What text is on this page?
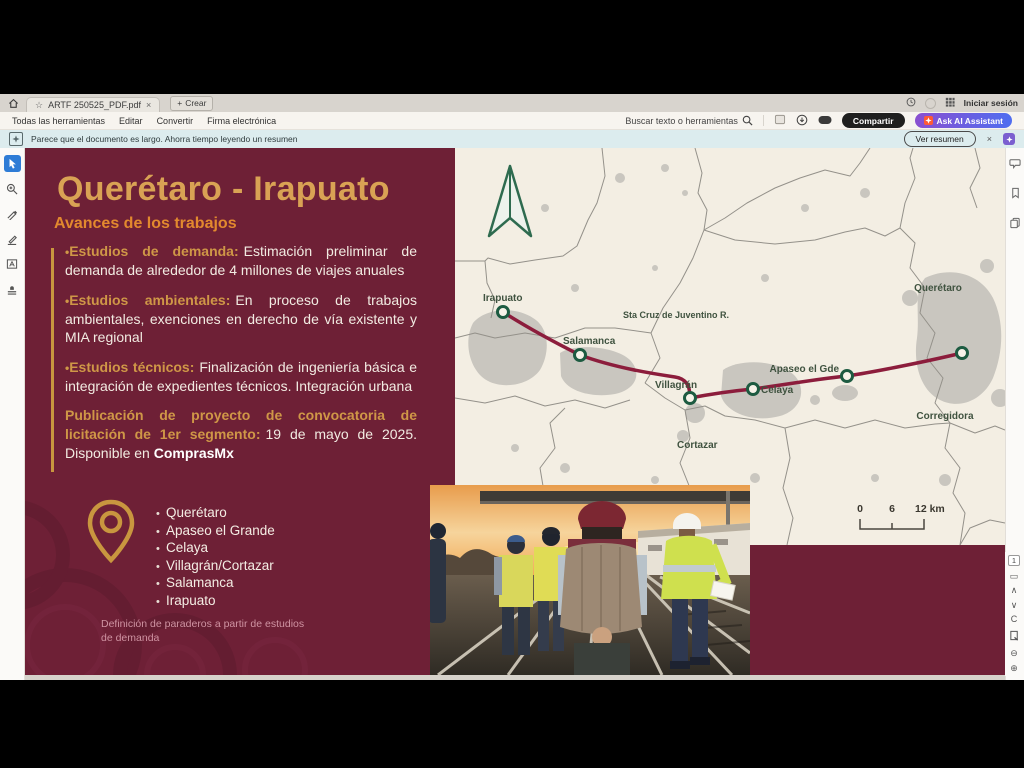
☆ ARTF 250525_PDF.pdf ×	+ Crear	Iniciar sesión
Todas las herramientas Editar Convertir Firma electrónica	Buscar texto o herramientas	Compartir	Ask AI Assistant
Parece que el documento es largo. Ahorra tiempo leyendo un resumen	Ver resumen	×
Querétaro - Irapuato
Avances de los trabajos

• Estudios de demanda: Estimación preliminar de demanda de alrededor de 4 millones de viajes anuales

• Estudios ambientales: En proceso de trabajos ambientales, exenciones en derecho de vía existente y MIA regional

• Estudios técnicos: Finalización de ingeniería básica e integración de expedientes técnicos. Integración urbana

Publicación de proyecto de convocatoria de licitación de 1er segmento: 19 de mayo de 2025. Disponible en ComprasMx

•  Querétaro
•  Apaseo el Grande
•  Celaya
•  Villagrán/Cortazar
•  Salamanca
•  Irapuato
Definición de paraderos a partir de estudios de demanda
Irapuato
Salamanca
Sta Cruz de Juventino R.
Villagrán	Celaya
Cortazar
Apaseo el Gde
Querétaro
Corregidora
0 6 12 km
1
▭
∧
∨
C
⊖
⊕
